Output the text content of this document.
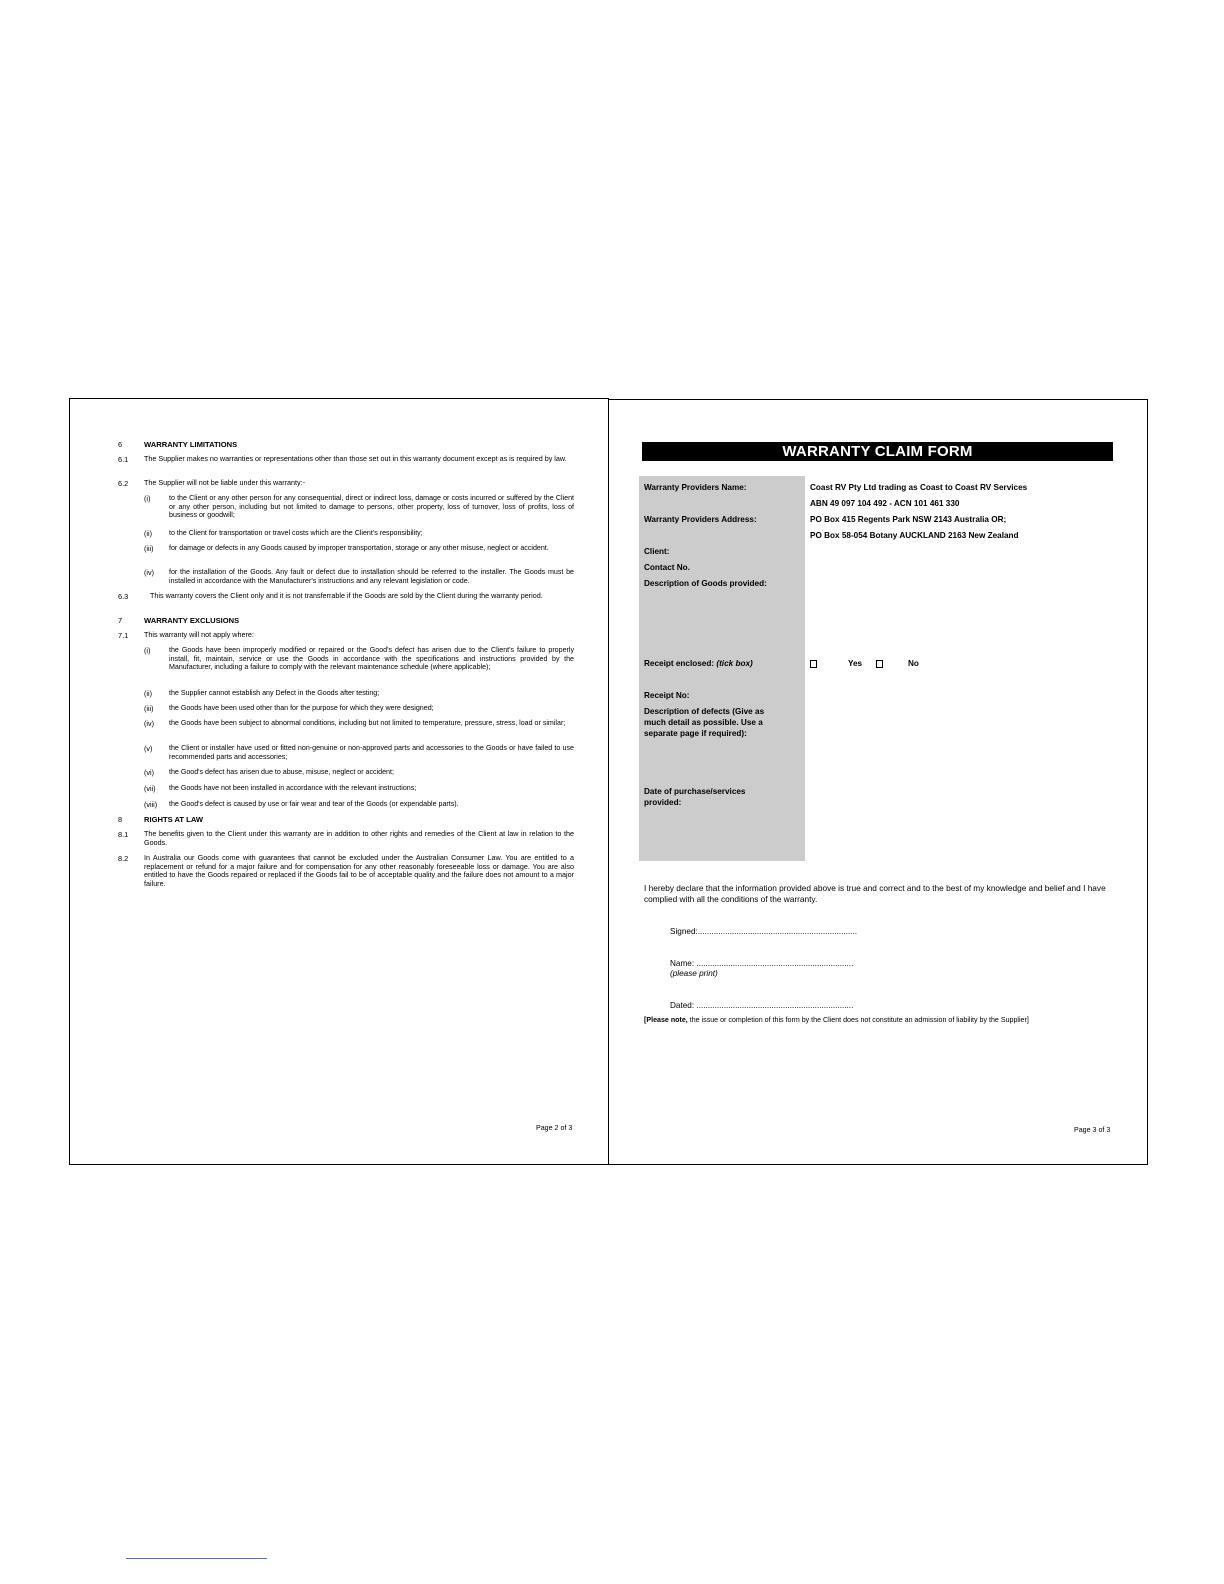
6	WARRANTY LIMITATIONS
6.1 The Supplier makes no warranties or representations other than those set out in this warranty document except as is required by law.
6.2 The Supplier will not be liable under this warranty:-
(i)	to the Client or any other person for any consequential, direct or indirect loss, damage or costs incurred or suffered by the Client or any other person, including but not limited to damage to persons, other property, loss of turnover, loss of profits, loss of business or goodwill;
(ii) to the Client for transportation or travel costs which are the Client's responsibility;
(iii) for damage or defects in any Goods caused by improper transportation, storage or any other misuse, neglect or accident.
(iv) for the installation of the Goods. Any fault or defect due to installation should be referred to the installer. The Goods must be installed in accordance with the Manufacturer's instructions and any relevant legislation or code.
6.3	This warranty covers the Client only and it is not transferrable if the Goods are sold by the Client during the warranty period.
7	WARRANTY EXCLUSIONS
7.1 This warranty will not apply where:
(i)	the Goods have been improperly modified or repaired or the Good's defect has arisen due to the Client's failure to properly install, fit, maintain, service or use the Goods in accordance with the specifications and instructions provided by the Manufacturer, including a failure to comply with the relevant maintenance schedule (where applicable);
(ii) the Supplier cannot establish any Defect in the Goods after testing;
(iii) the Goods have been used other than for the purpose for which they were designed;
(iv) the Goods have been subject to abnormal conditions, including but not limited to temperature, pressure, stress, load or similar;
(v) the Client or installer have used or fitted non-genuine or non-approved parts and accessories to the Goods or have failed to use recommended parts and accessories;
(vi) the Good's defect has arisen due to abuse, misuse, neglect or accident;
(vii) the Goods have not been installed in accordance with the relevant instructions;
(viii) the Good's defect is caused by use or fair wear and tear of the Goods (or expendable parts).
8	RIGHTS AT LAW
8.1 The benefits given to the Client under this warranty are in addition to other rights and remedies of the Client at law in relation to the Goods.
8.2 In Australia our Goods come with guarantees that cannot be excluded under the Australian Consumer Law. You are entitled to a replacement or refund for a major failure and for compensation for any other reasonably foreseeable loss or damage. You are also entitled to have the Goods repaired or replaced if the Goods fail to be of acceptable quality and the failure does not amount to a major failure.
Page 2 of 3
WARRANTY CLAIM FORM
Warranty Providers Name:	Coast RV Pty Ltd trading as Coast to Coast RV Services
ABN 49 097 104 492 - ACN 101 461 330
Warranty Providers Address:	PO Box 415 Regents Park NSW 2143 Australia OR;
PO Box 58-054 Botany AUCKLAND 2163 New Zealand
Client:
Contact No.
Description of Goods provided:
Receipt enclosed: (tick box)	Yes	No
Receipt No:
Description of defects (Give as
much detail as possible. Use a
separate page if required):
Date of purchase/services
provided:
I hereby declare that the information provided above is true and correct and to the best of my knowledge and belief and I have complied with all the conditions of the warranty.
Signed:......................................................................
Name: .....................................................................
(please print)
Dated: .....................................................................
[Please note, the issue or completion of this form by the Client does not constitute an admission of liability by the Supplier]
Page 3 of 3
